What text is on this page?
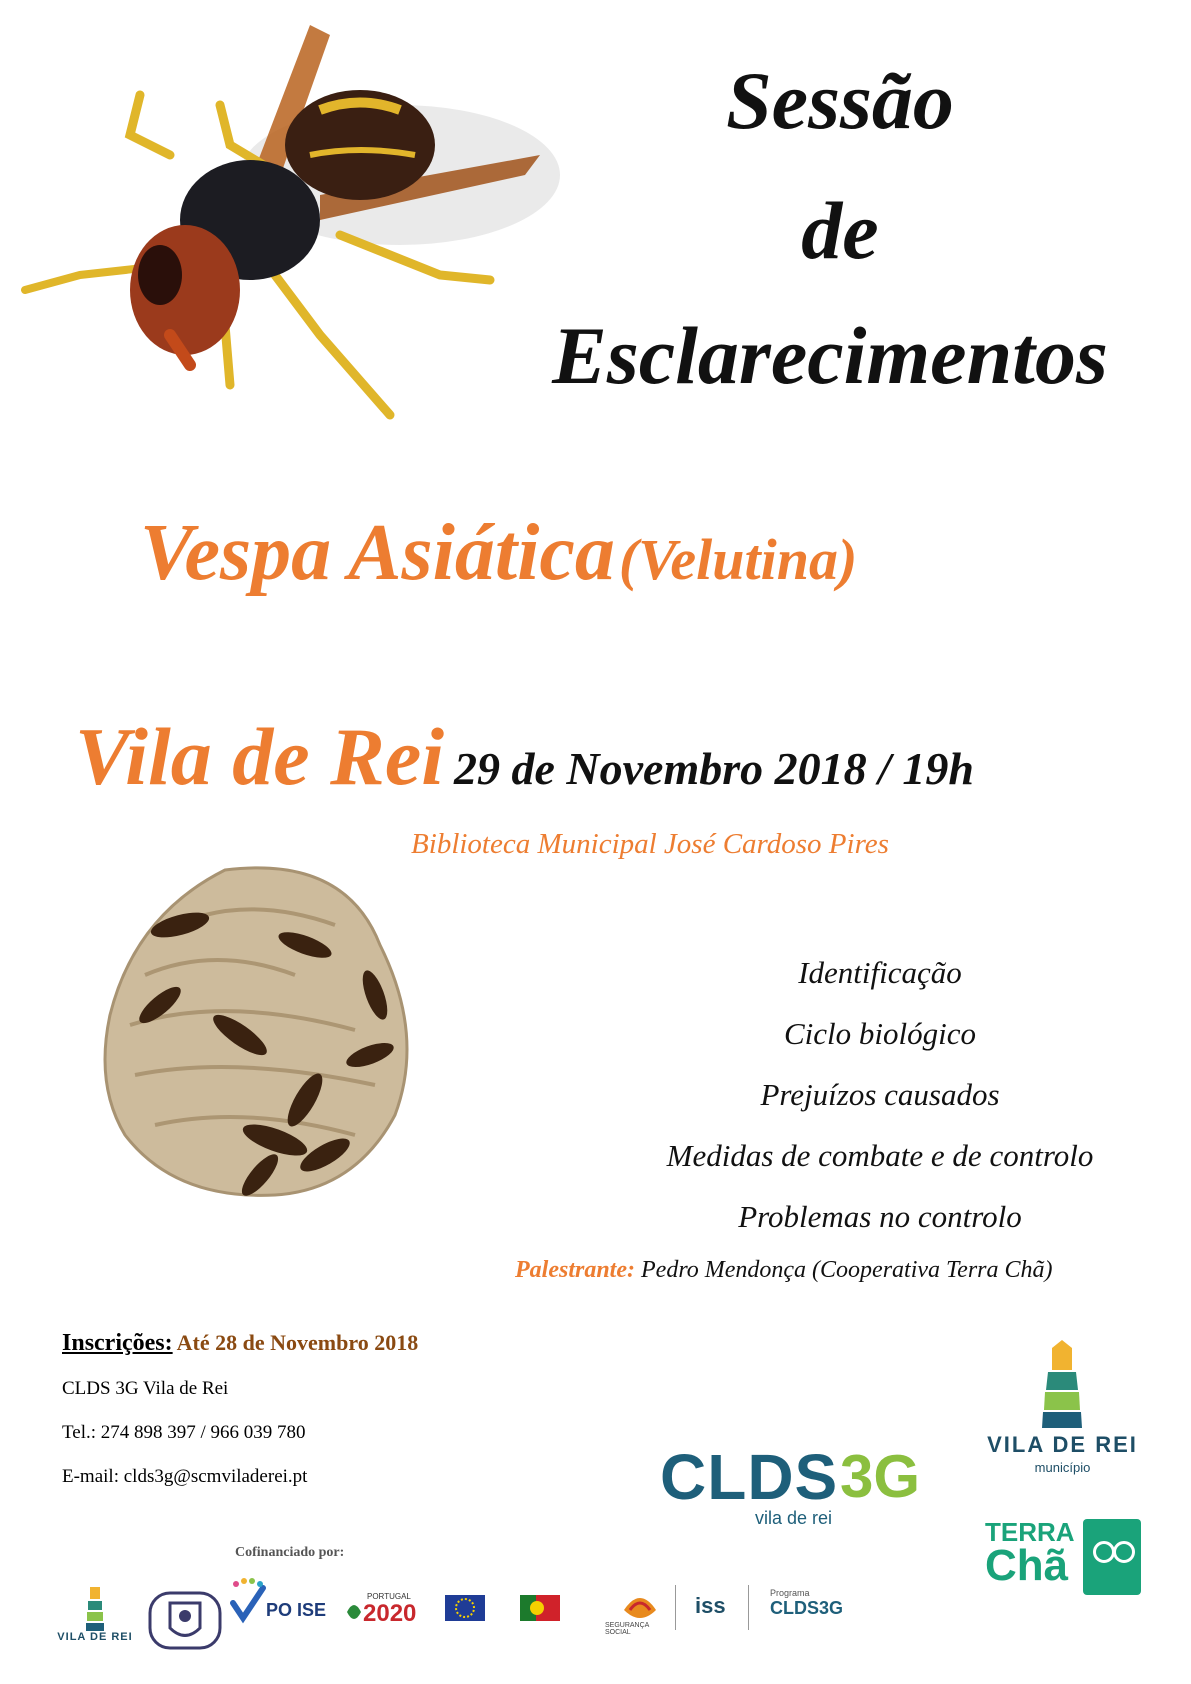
Sessão
de
Esclarecimentos
Vespa Asiática (Velutina)
Vila de Rei 29 de Novembro 2018 / 19h
Biblioteca Municipal José Cardoso Pires
Identificação
Ciclo biológico
Prejuízos causados
Medidas de combate e de controlo
Problemas no controlo
Palestrante: Pedro Mendonça (Cooperativa Terra Chã)
Inscrições: Até 28 de Novembro 2018
CLDS 3G Vila de Rei
Tel.: 274 898 397 / 966 039 780
E-mail: clds3g@scmviladerei.pt	CLDS 3G
vila de rei
VILA DE REI
município
TERRA
Chã
Cofinanciado por:
VILA DE REI
PO ISE
PORTUGAL
2020	SEGURANÇA SOCIAL
iss	Programa
CLDS3G
